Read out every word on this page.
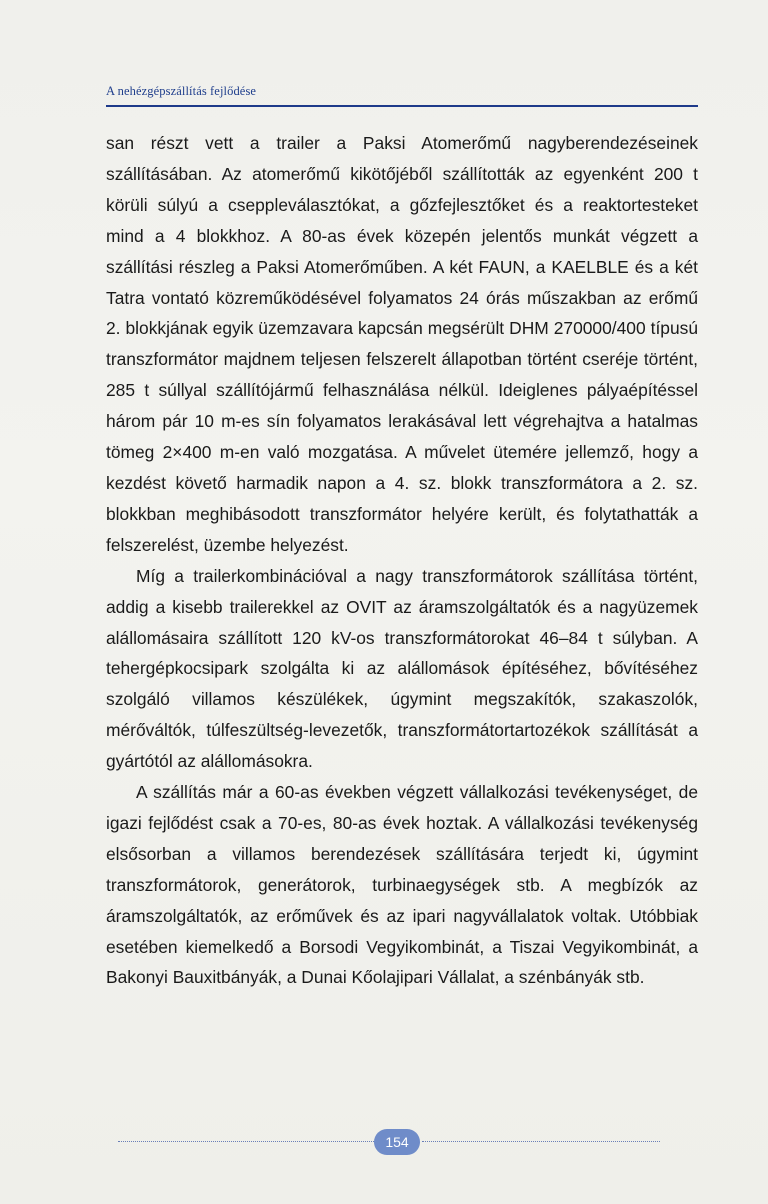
A nehézgépszállítás fejlődése

san részt vett a trailer a Paksi Atomerőmű nagyberendezéseinek szállításában. Az atomerőmű kikötőjéből szállították az egyenként 200 t körüli súlyú a cseppleválasztókat, a gőzfejlesztőket és a reaktortesteket mind a 4 blokkhoz. A 80-as évek közepén jelentős munkát végzett a szállítási részleg a Paksi Atomerőműben. A két FAUN, a KAELBLE és a két Tatra vontató közreműködésével folyamatos 24 órás műszakban az erőmű 2. blokkjának egyik üzemzavara kapcsán megsérült DHM 270000/400 típusú transzformátor majdnem teljesen felszerelt állapotban történt cseréje történt, 285 t súllyal szállítójármű felhasználása nélkül. Ideiglenes pályaépítéssel három pár 10 m-es sín folyamatos lerakásával lett végrehajtva a hatalmas tömeg 2×400 m-en való mozgatása. A művelet ütemére jellemző, hogy a kezdést követő harmadik napon a 4. sz. blokk transzformátora a 2. sz. blokkban meghibásodott transzformátor helyére került, és folytathatták a felszerelést, üzembe helyezést.

Míg a trailerkombinációval a nagy transzformátorok szállítása történt, addig a kisebb trailerekkel az OVIT az áramszolgáltatók és a nagyüzemek alállomásaira szállított 120 kV-os transzformátorokat 46–84 t súlyban. A tehergépkocsipark szolgálta ki az alállomások építéséhez, bővítéséhez szolgáló villamos készülékek, úgymint megszakítók, szakaszolók, mérőváltók, túlfeszültség-levezetők, transzformátortartozékok szállítását a gyártótól az alállomásokra.

A szállítás már a 60-as években végzett vállalkozási tevékenységet, de igazi fejlődést csak a 70-es, 80-as évek hoztak. A vállalkozási tevékenység elsősorban a villamos berendezések szállítására terjedt ki, úgymint transzformátorok, generátorok, turbinaegységek stb. A megbízók az áramszolgáltatók, az erőművek és az ipari nagyvállalatok voltak. Utóbbiak esetében kiemelkedő a Borsodi Vegyikombinát, a Tiszai Vegyikombinát, a Bakonyi Bauxitbányák, a Dunai Kőolajipari Vállalat, a szénbányák stb.

154
